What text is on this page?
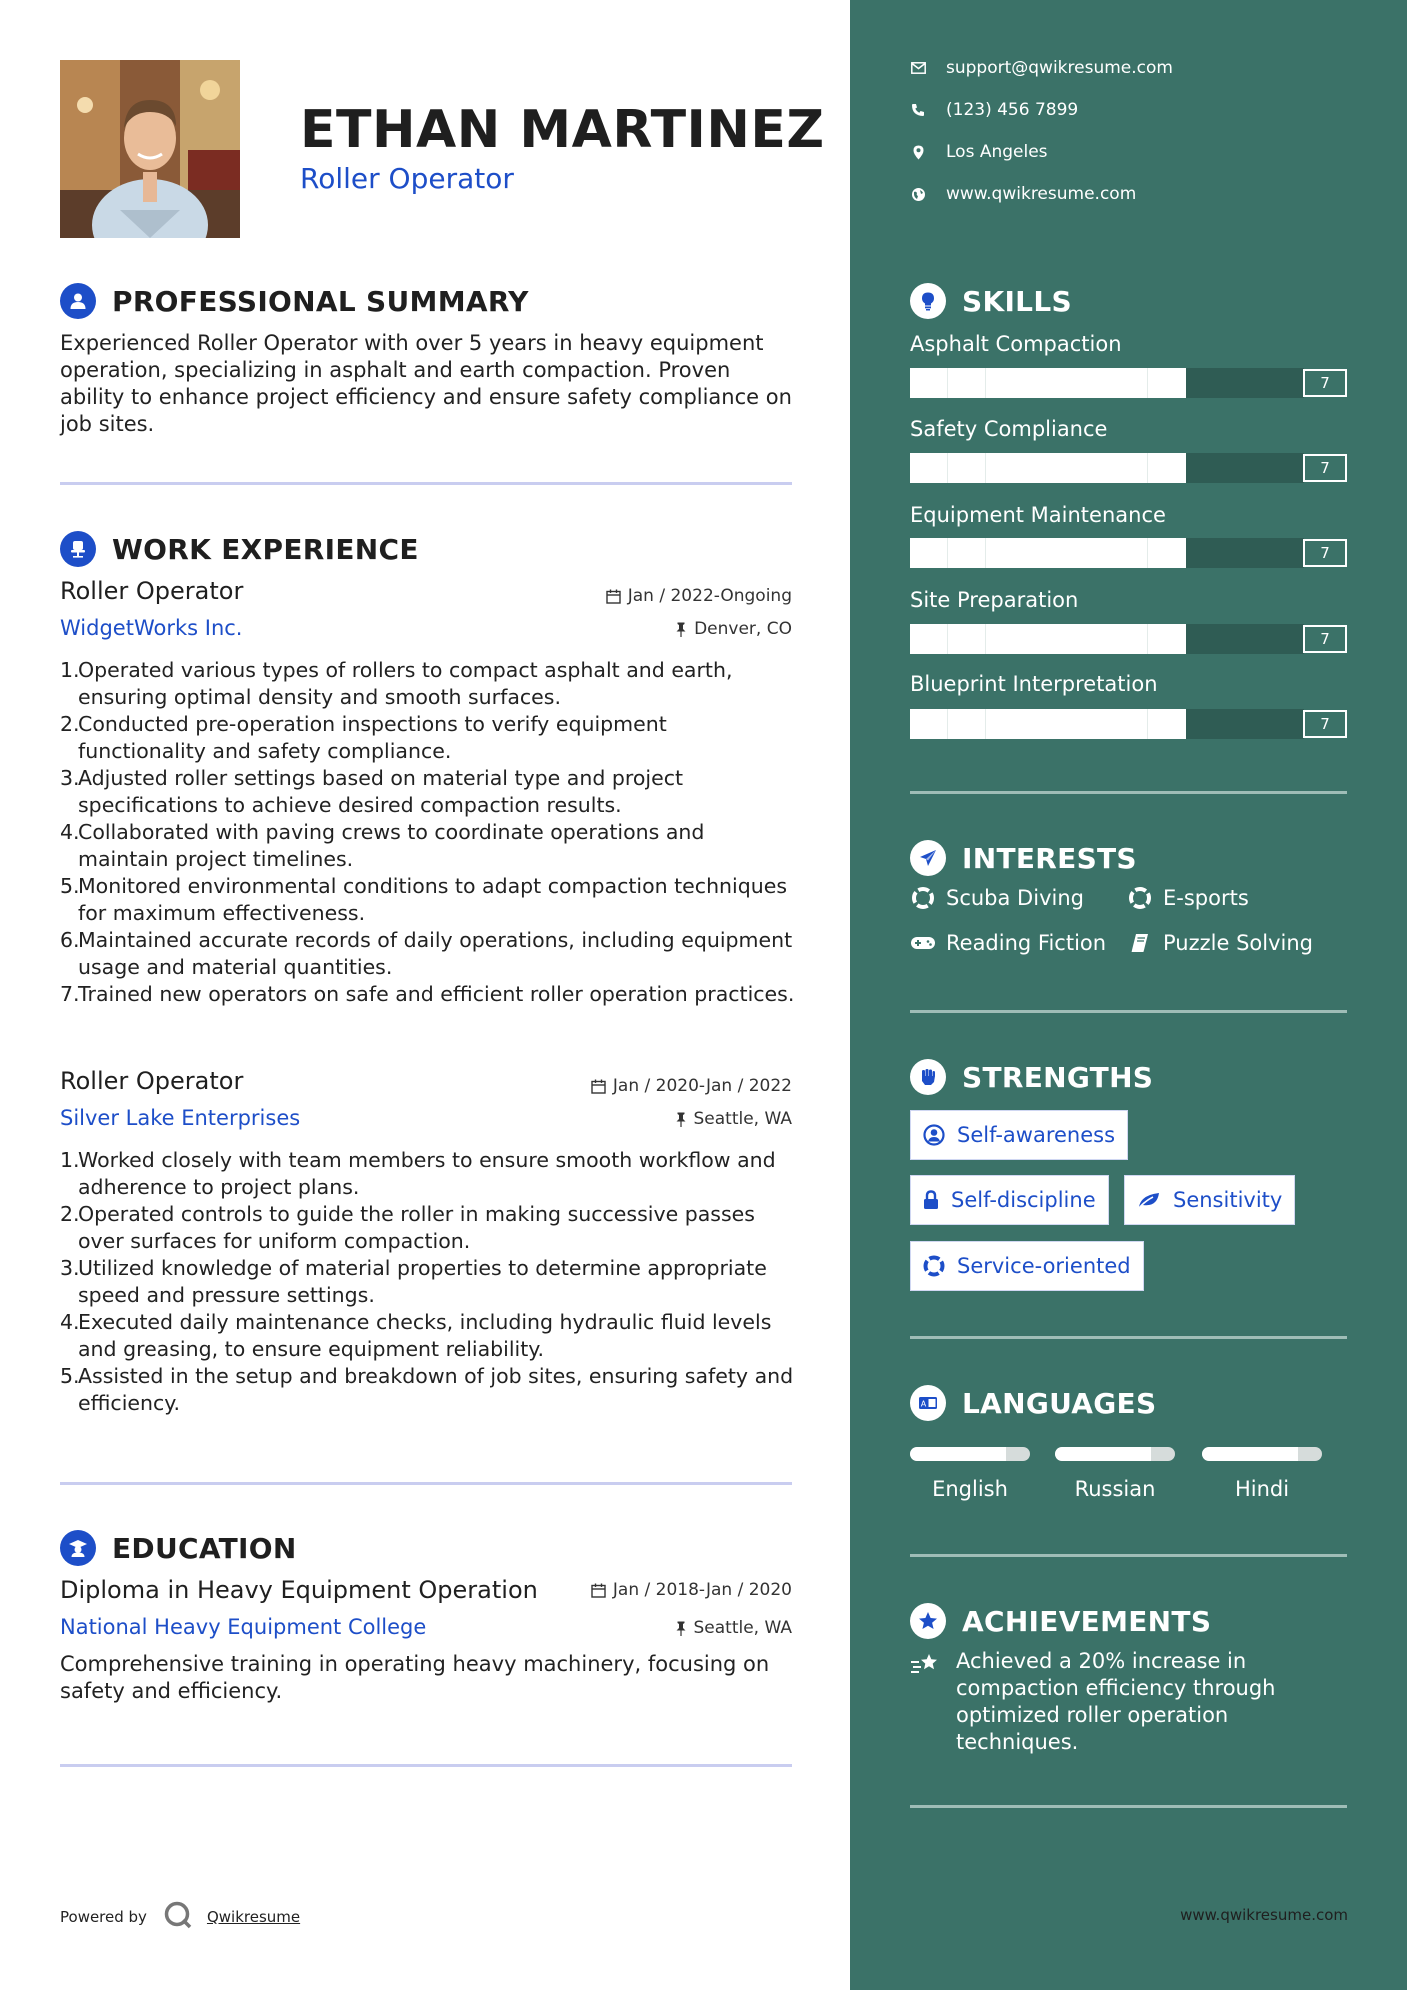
ETHAN MARTINEZ
Roller Operator
PROFESSIONAL SUMMARY
Experienced Roller Operator with over 5 years in heavy equipment operation, specializing in asphalt and earth compaction. Proven ability to enhance project efficiency and ensure safety compliance on job sites.
WORK EXPERIENCE
Roller Operator	Jan / 2022-Ongoing
WidgetWorks Inc.	Denver, CO
1.
Operated various types of rollers to compact asphalt and earth, ensuring optimal density and smooth surfaces.
2.
Conducted pre-operation inspections to verify equipment functionality and safety compliance.
3.
Adjusted roller settings based on material type and project specifications to achieve desired compaction results.
4.
Collaborated with paving crews to coordinate operations and maintain project timelines.
5.
Monitored environmental conditions to adapt compaction techniques for maximum effectiveness.
6.
Maintained accurate records of daily operations, including equipment usage and material quantities.
7.
Trained new operators on safe and efficient roller operation practices.
Roller Operator	Jan / 2020-Jan / 2022
Silver Lake Enterprises	Seattle, WA
1.
Worked closely with team members to ensure smooth workflow and adherence to project plans.
2.
Operated controls to guide the roller in making successive passes over surfaces for uniform compaction.
3.
Utilized knowledge of material properties to determine appropriate speed and pressure settings.
4.
Executed daily maintenance checks, including hydraulic fluid levels and greasing, to ensure equipment reliability.
5.
Assisted in the setup and breakdown of job sites, ensuring safety and efficiency.
EDUCATION
Diploma in Heavy Equipment Operation	Jan / 2018-Jan / 2020
National Heavy Equipment College	Seattle, WA
Comprehensive training in operating heavy machinery, focusing on safety and efficiency.
Powered by	Qwikresume
support@qwikresume.com
(123) 456 7899
Los Angeles
www.qwikresume.com
SKILLS
Asphalt Compaction
7
Safety Compliance
7
Equipment Maintenance
7
Site Preparation
7
Blueprint Interpretation
7
INTERESTS
Scuba Diving	E-sports
Reading Fiction	Puzzle Solving
STRENGTHS
Self-awareness
Self-discipline	Sensitivity
Service-oriented
A LANGUAGES
English	Russian	Hindi
ACHIEVEMENTS
Achieved a 20% increase in compaction efficiency through optimized roller operation techniques.
www.qwikresume.com
